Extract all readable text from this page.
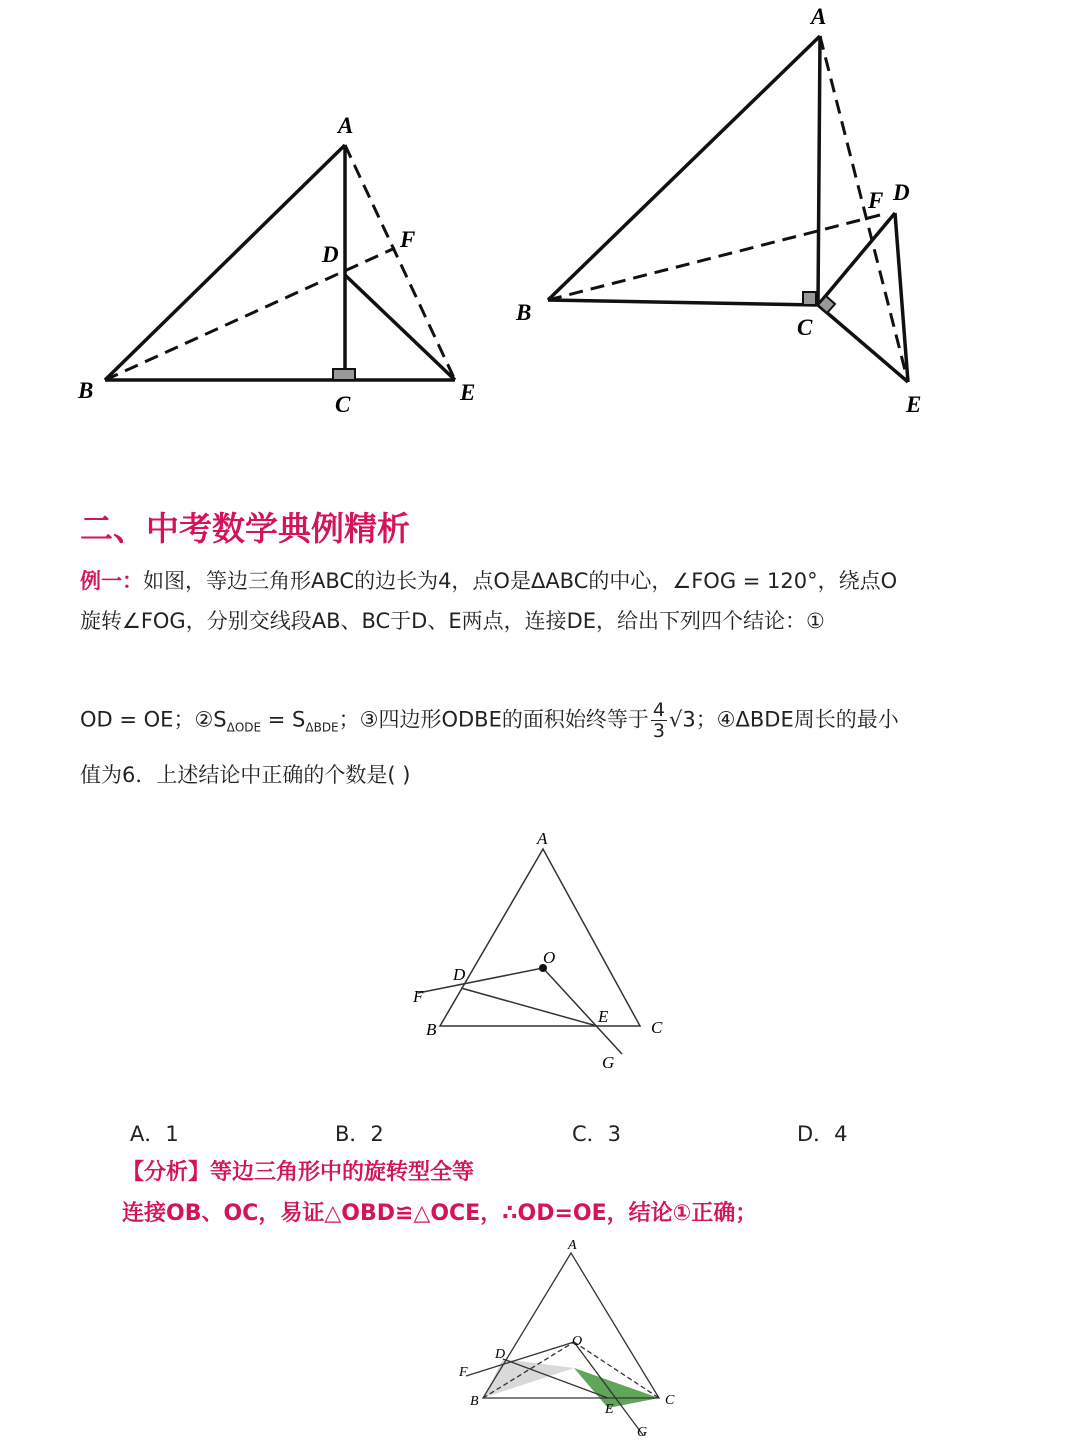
A
B
C
D
E
F
A
B
C
D
E
F
二、中考数学典例精析
例一：如图，等边三角形ABC的边长为4，点O是ΔABC的中心，∠FOG = 120°，绕点O
旋转∠FOG，分别交线段AB、BC于D、E两点，连接DE，给出下列四个结论：①
OD = OE；$②S_{\Delta ODE} = S_{\Delta BDE}$；③四边形ODBE的面积始终等于 $\frac{4}{3} √3$；④ΔBDE周长的最小
值为6．上述结论中正确的个数是( )
A
B	C
D
E
F
G
O
A．1	B．2	C．3	D．4
【分析】等边三角形中的旋转型全等
连接OB、OC，易证△OBD≌△OCE，∴OD=OE，结论①正确；
A
B	C
D
E
F
G
O
